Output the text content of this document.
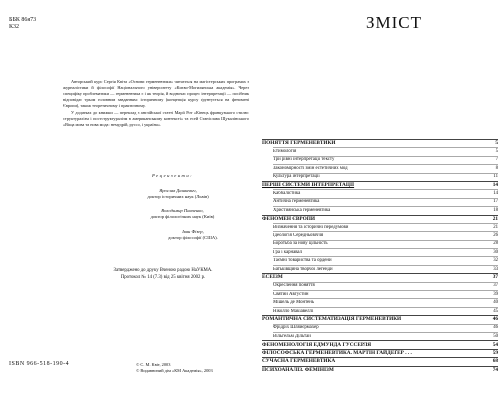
ББК 86я73
К32

Авторський курс Сергія Квіта «Основи герменевтики» читається на магістерських програмах з журналістики й філософії Національного університету «Києво-Могилянська академія». Через специфіку проблематики — герменевтика є і як теорія, й водночас процес інтерпретації — посібник відповідає трьом головним завданням: історичному (концепція курсу ґрунтується на феномені Європи), також теоретичному і практичному.

У додатках до книжки — переклад з англійської статті Марії Рот «Кінець французького стилю: структуралізм і постструктуралізм в американському контексті» та есей Станіслава Щукалінського «Віща мова та нова мода: немудрій, руссо, і укрaїна».

Рецензенти:
Ярослав Дашкевич,
доктор історичних наук (Львів)
Володимир Панченко,
доктор філологічних наук (Київ)
Іван Фізер,
доктор філософії (США).
Затверджено до друку Вченою радою НаУКМА.
Протокол № 14 (7.3) від 25 квітня 2002 р.
ISBN 966-518-190-4	© С. М. Квіт, 2003
© Видавничий дім «КМ Академія», 2003
ЗМІСТ
ПОНЯТТЯ ГЕРМЕНЕВТИКИ	5
Етимологія	5
Три рівні інтерпретації тексту	7
Закономірності змін естетичних мод	8
Культура інтерпретації	11
ПЕРШІ СИСТЕМИ ІНТЕРПРЕТАЦІЇ	14
Каббалістика	14
Антична герменевтика	17
Християнська герменевтика	18
ФЕНОМЕН ЄВРОПИ	21
Визначення та історичні передумови	21
Ідеологія Середньовіччя	26
Боротьба за нову цільність	28
Гра і карнавал	30
Таємні товариства та ордени	32
Батьківщина творчої легенди	33
ЕСЕЇЗМ	37
Окреслення поняття	37
Святий Августин	39
Мішель де Монтень	40
Ніколло Макіавеллі	45
РОМАНТИЧНА СИСТЕМАТИЗАЦІЯ ГЕРМЕНЕВТИКИ	46
Фрідріх Шляйєрмахер	46
Вільгельм Дільтай	50
ФЕНОМЕНОЛОГІЯ ЕДМУНДА ГУССЕРЛЯ	54
ФІЛОСОФСЬКА ГЕРМЕНЕВТИКА. МАРТІН ГАЙДЕҐЕР . . .	59
СУЧАСНА ГЕРМЕНЕВТИКА	68
ПСИХОАНАЛІЗ. ФЕМІНІЗМ	74
